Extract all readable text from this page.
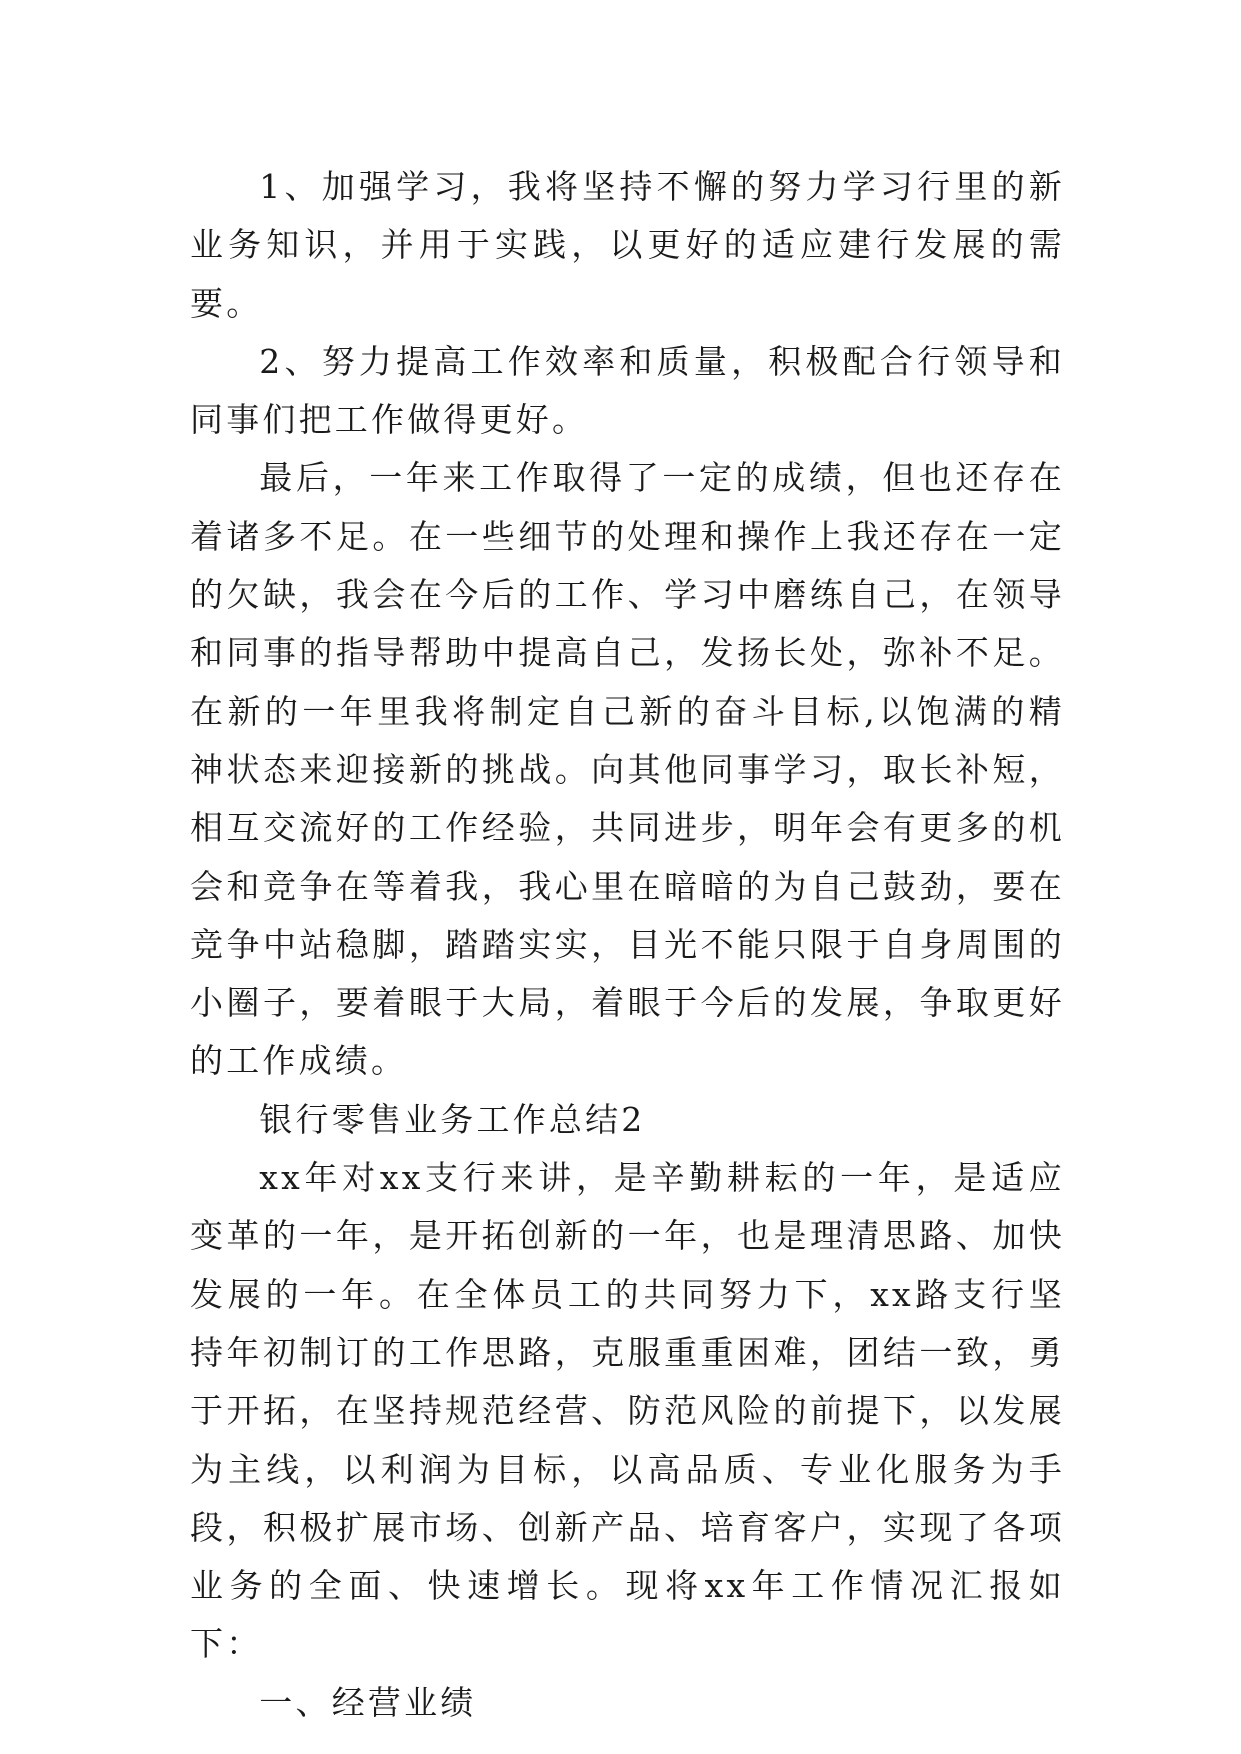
1、加强学习，我将坚持不懈的努力学习行里的新业务知识，并用于实践，以更好的适应建行发展的需要。

2、努力提高工作效率和质量，积极配合行领导和同事们把工作做得更好。

最后，一年来工作取得了一定的成绩，但也还存在着诸多不足。在一些细节的处理和操作上我还存在一定的欠缺，我会在今后的工作、学习中磨练自己，在领导和同事的指导帮助中提高自己，发扬长处，弥补不足。在新的一年里我将制定自己新的奋斗目标,以饱满的精神状态来迎接新的挑战。向其他同事学习，取长补短，相互交流好的工作经验，共同进步，明年会有更多的机会和竞争在等着我，我心里在暗暗的为自己鼓劲，要在竞争中站稳脚，踏踏实实，目光不能只限于自身周围的小圈子，要着眼于大局，着眼于今后的发展，争取更好的工作成绩。

银行零售业务工作总结2

xx年对xx支行来讲，是辛勤耕耘的一年，是适应变革的一年，是开拓创新的一年，也是理清思路、加快发展的一年。在全体员工的共同努力下，xx路支行坚持年初制订的工作思路，克服重重困难，团结一致，勇于开拓，在坚持规范经营、防范风险的前提下，以发展为主线，以利润为目标，以高品质、专业化服务为手段，积极扩展市场、创新产品、培育客户，实现了各项业务的全面、快速增长。现将xx年工作情况汇报如下：

一、经营业绩
